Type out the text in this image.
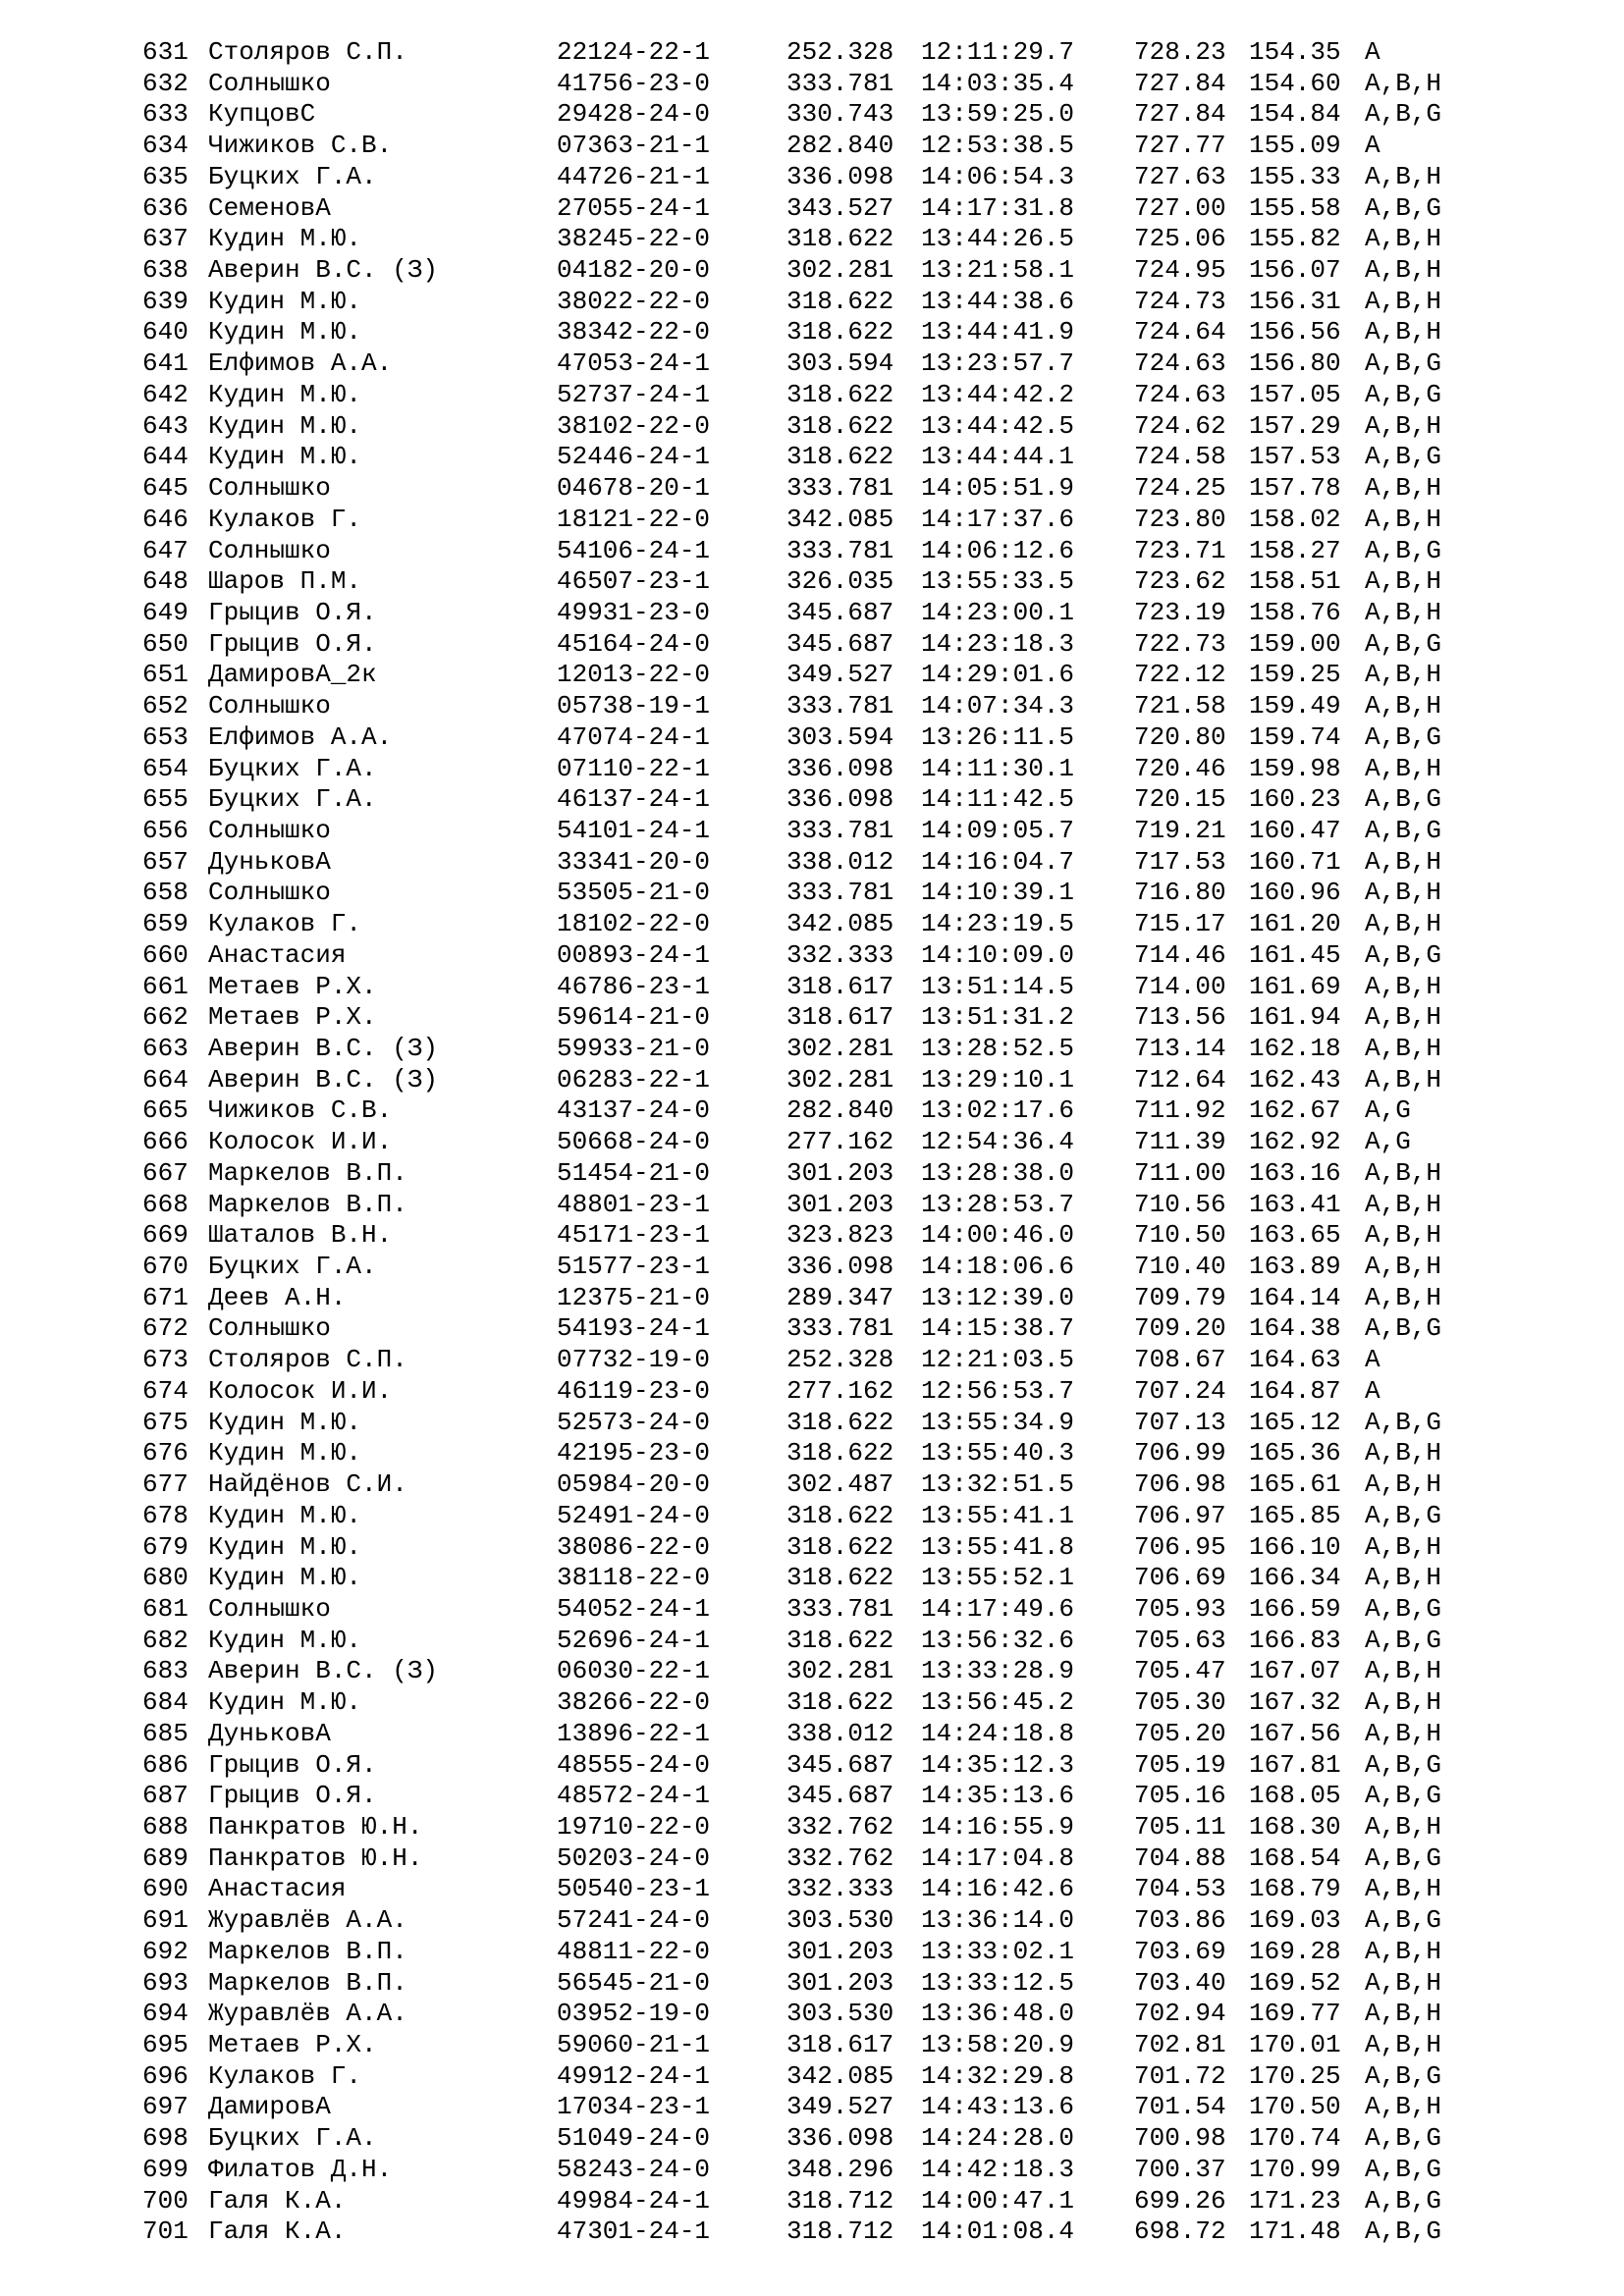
631 Столяров С.П.	22124-22-1	252.328 12:11:29.7 728.23 154.35 A
632 Солнышко	41756-23-0	333.781 14:03:35.4 727.84 154.60 A,B,H
633 КупцовС	29428-24-0	330.743 13:59:25.0 727.84 154.84 A,B,G
634 Чижиков С.В.	07363-21-1	282.840 12:53:38.5 727.77 155.09 A
635 Буцких Г.А.	44726-21-1	336.098 14:06:54.3 727.63 155.33 A,B,H
636 СеменовА	27055-24-1	343.527 14:17:31.8 727.00 155.58 A,B,G
637 Кудин М.Ю.	38245-22-0	318.622 13:44:26.5 725.06 155.82 A,B,H
638 Аверин В.С. (З)	04182-20-0	302.281 13:21:58.1 724.95 156.07 A,B,H
639 Кудин М.Ю.	38022-22-0	318.622 13:44:38.6 724.73 156.31 A,B,H
640 Кудин М.Ю.	38342-22-0	318.622 13:44:41.9 724.64 156.56 A,B,H
641 Елфимов А.А.	47053-24-1	303.594 13:23:57.7 724.63 156.80 A,B,G
642 Кудин М.Ю.	52737-24-1	318.622 13:44:42.2 724.63 157.05 A,B,G
643 Кудин М.Ю.	38102-22-0	318.622 13:44:42.5 724.62 157.29 A,B,H
644 Кудин М.Ю.	52446-24-1	318.622 13:44:44.1 724.58 157.53 A,B,G
645 Солнышко	04678-20-1	333.781 14:05:51.9 724.25 157.78 A,B,H
646 Кулаков Г.	18121-22-0	342.085 14:17:37.6 723.80 158.02 A,B,H
647 Солнышко	54106-24-1	333.781 14:06:12.6 723.71 158.27 A,B,G
648 Шаров П.М.	46507-23-1	326.035 13:55:33.5 723.62 158.51 A,B,H
649 Грыцив О.Я.	49931-23-0	345.687 14:23:00.1 723.19 158.76 A,B,H
650 Грыцив О.Я.	45164-24-0	345.687 14:23:18.3 722.73 159.00 A,B,G
651 ДамировА_2к	12013-22-0	349.527 14:29:01.6 722.12 159.25 A,B,H
652 Солнышко	05738-19-1	333.781 14:07:34.3 721.58 159.49 A,B,H
653 Елфимов А.А.	47074-24-1	303.594 13:26:11.5 720.80 159.74 A,B,G
654 Буцких Г.А.	07110-22-1	336.098 14:11:30.1 720.46 159.98 A,B,H
655 Буцких Г.А.	46137-24-1	336.098 14:11:42.5 720.15 160.23 A,B,G
656 Солнышко	54101-24-1	333.781 14:09:05.7 719.21 160.47 A,B,G
657 ДуньковА	33341-20-0	338.012 14:16:04.7 717.53 160.71 A,B,H
658 Солнышко	53505-21-0	333.781 14:10:39.1 716.80 160.96 A,B,H
659 Кулаков Г.	18102-22-0	342.085 14:23:19.5 715.17 161.20 A,B,H
660 Анастасия	00893-24-1	332.333 14:10:09.0 714.46 161.45 A,B,G
661 Метаев Р.Х.	46786-23-1	318.617 13:51:14.5 714.00 161.69 A,B,H
662 Метаев Р.Х.	59614-21-0	318.617 13:51:31.2 713.56 161.94 A,B,H
663 Аверин В.С. (З)	59933-21-0	302.281 13:28:52.5 713.14 162.18 A,B,H
664 Аверин В.С. (З)	06283-22-1	302.281 13:29:10.1 712.64 162.43 A,B,H
665 Чижиков С.В.	43137-24-0	282.840 13:02:17.6 711.92 162.67 A,G
666 Колосок И.И.	50668-24-0	277.162 12:54:36.4 711.39 162.92 A,G
667 Маркелов В.П.	51454-21-0	301.203 13:28:38.0 711.00 163.16 A,B,H
668 Маркелов В.П.	48801-23-1	301.203 13:28:53.7 710.56 163.41 A,B,H
669 Шаталов В.Н.	45171-23-1	323.823 14:00:46.0 710.50 163.65 A,B,H
670 Буцких Г.А.	51577-23-1	336.098 14:18:06.6 710.40 163.89 A,B,H
671 Деев А.Н.	12375-21-0	289.347 13:12:39.0 709.79 164.14 A,B,H
672 Солнышко	54193-24-1	333.781 14:15:38.7 709.20 164.38 A,B,G
673 Столяров С.П.	07732-19-0	252.328 12:21:03.5 708.67 164.63 A
674 Колосок И.И.	46119-23-0	277.162 12:56:53.7 707.24 164.87 A
675 Кудин М.Ю.	52573-24-0	318.622 13:55:34.9 707.13 165.12 A,B,G
676 Кудин М.Ю.	42195-23-0	318.622 13:55:40.3 706.99 165.36 A,B,H
677 Найдёнов С.И.	05984-20-0	302.487 13:32:51.5 706.98 165.61 A,B,H
678 Кудин М.Ю.	52491-24-0	318.622 13:55:41.1 706.97 165.85 A,B,G
679 Кудин М.Ю.	38086-22-0	318.622 13:55:41.8 706.95 166.10 A,B,H
680 Кудин М.Ю.	38118-22-0	318.622 13:55:52.1 706.69 166.34 A,B,H
681 Солнышко	54052-24-1	333.781 14:17:49.6 705.93 166.59 A,B,G
682 Кудин М.Ю.	52696-24-1	318.622 13:56:32.6 705.63 166.83 A,B,G
683 Аверин В.С. (З)	06030-22-1	302.281 13:33:28.9 705.47 167.07 A,B,H
684 Кудин М.Ю.	38266-22-0	318.622 13:56:45.2 705.30 167.32 A,B,H
685 ДуньковА	13896-22-1	338.012 14:24:18.8 705.20 167.56 A,B,H
686 Грыцив О.Я.	48555-24-0	345.687 14:35:12.3 705.19 167.81 A,B,G
687 Грыцив О.Я.	48572-24-1	345.687 14:35:13.6 705.16 168.05 A,B,G
688 Панкратов Ю.Н.	19710-22-0	332.762 14:16:55.9 705.11 168.30 A,B,H
689 Панкратов Ю.Н.	50203-24-0	332.762 14:17:04.8 704.88 168.54 A,B,G
690 Анастасия	50540-23-1	332.333 14:16:42.6 704.53 168.79 A,B,H
691 Журавлёв А.А.	57241-24-0	303.530 13:36:14.0 703.86 169.03 A,B,G
692 Маркелов В.П.	48811-22-0	301.203 13:33:02.1 703.69 169.28 A,B,H
693 Маркелов В.П.	56545-21-0	301.203 13:33:12.5 703.40 169.52 A,B,H
694 Журавлёв А.А.	03952-19-0	303.530 13:36:48.0 702.94 169.77 A,B,H
695 Метаев Р.Х.	59060-21-1	318.617 13:58:20.9 702.81 170.01 A,B,H
696 Кулаков Г.	49912-24-1	342.085 14:32:29.8 701.72 170.25 A,B,G
697 ДамировА	17034-23-1	349.527 14:43:13.6 701.54 170.50 A,B,H
698 Буцких Г.А.	51049-24-0	336.098 14:24:28.0 700.98 170.74 A,B,G
699 Филатов Д.Н.	58243-24-0	348.296 14:42:18.3 700.37 170.99 A,B,G
700 Галя К.А.	49984-24-1	318.712 14:00:47.1 699.26 171.23 A,B,G
701 Галя К.А.	47301-24-1	318.712 14:01:08.4 698.72 171.48 A,B,G
